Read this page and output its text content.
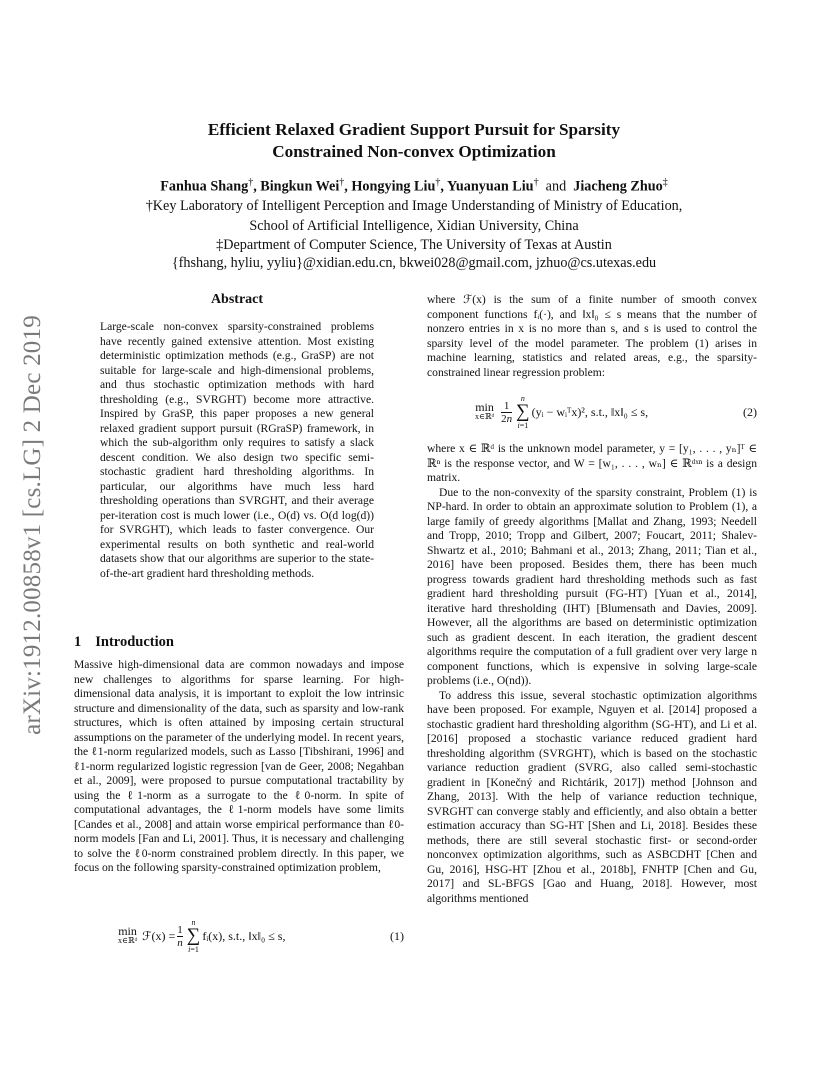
arXiv:1912.00858v1 [cs.LG] 2 Dec 2019
Efficient Relaxed Gradient Support Pursuit for Sparsity
Constrained Non-convex Optimization
Fanhua Shang†, Bingkun Wei†, Hongying Liu†, Yuanyuan Liu† and Jiacheng Zhuo‡
†Key Laboratory of Intelligent Perception and Image Understanding of Ministry of Education,
School of Artificial Intelligence, Xidian University, China
‡Department of Computer Science, The University of Texas at Austin
{fhshang, hyliu, yyliu}@xidian.edu.cn, bkwei028@gmail.com, jzhuo@cs.utexas.edu
Abstract

Large-scale non-convex sparsity-constrained problems have recently gained extensive attention. Most existing deterministic optimization methods (e.g., GraSP) are not suitable for large-scale and high-dimensional problems, and thus stochastic optimization methods with hard thresholding (e.g., SVRGHT) become more attractive. Inspired by GraSP, this paper proposes a new general relaxed gradient support pursuit (RGraSP) framework, in which the sub-algorithm only requires to satisfy a slack descent condition. We also design two specific semi-stochastic gradient hard thresholding algorithms. In particular, our algorithms have much less hard thresholding operations than SVRGHT, and their average per-iteration cost is much lower (i.e., O(d) vs. O(d log(d)) for SVRGHT), which leads to faster convergence. Our experimental results on both synthetic and real-world datasets show that our algorithms are superior to the state-of-the-art gradient hard thresholding methods.

1 Introduction

Massive high-dimensional data are common nowadays and impose new challenges to algorithms for sparse learning. For high-dimensional data analysis, it is important to exploit the low intrinsic structure and dimensionality of the data, such as sparsity and low-rank structures, which is often attained by imposing certain structural assumptions on the parameter of the underlying model. In recent years, the ℓ1-norm regularized models, such as Lasso [Tibshirani, 1996] and ℓ1-norm regularized logistic regression [van de Geer, 2008; Negahban et al., 2009], were proposed to pursue computational tractability by using the ℓ1-norm as a surrogate to the ℓ0-norm. In spite of computational advantages, the ℓ1-norm models have some limits [Candes et al., 2008] and attain worse empirical performance than ℓ0-norm models [Fan and Li, 2001]. Thus, it is necessary and challenging to solve the ℓ0-norm constrained problem directly. In this paper, we focus on the following sparsity-constrained optimization problem,

min
x∈ℝᵈ ℱ(x) = $\frac{1}{n}$
n
∑
i=1
fᵢ(x), s.t., ‖x‖₀ ≤ s,	(1)

where ℱ(x) is the sum of a finite number of smooth convex component functions fᵢ(·), and ‖x‖₀ ≤ s means that the number of nonzero entries in x is no more than s, and s is used to control the sparsity level of the model parameter. The problem (1) arises in machine learning, statistics and related areas, e.g., the sparsity-constrained linear regression problem:

min
x∈ℝᵈ $\frac{1}{2n}$
n
∑
i=1
(yᵢ − wᵢᵀx)², s.t., ‖x‖₀ ≤ s,	(2)

where x ∈ ℝᵈ is the unknown model parameter, y = [y₁, . . . , yₙ]ᵀ ∈ ℝⁿ is the response vector, and W = [w₁, . . . , wₙ] ∈ ℝᵈˣⁿ is a design matrix.

Due to the non-convexity of the sparsity constraint, Problem (1) is NP-hard. In order to obtain an approximate solution to Problem (1), a large family of greedy algorithms [Mallat and Zhang, 1993; Needell and Tropp, 2010; Tropp and Gilbert, 2007; Foucart, 2011; Shalev-Shwartz et al., 2010; Bahmani et al., 2013; Zhang, 2011; Tian et al., 2016] have been proposed. Besides them, there has been much progress towards gradient hard thresholding methods such as fast gradient hard thresholding pursuit (FG-HT) [Yuan et al., 2014], iterative hard thresholding (IHT) [Blumensath and Davies, 2009]. However, all the algorithms are based on deterministic optimization such as gradient descent. In each iteration, the gradient descent algorithms require the computation of a full gradient over very large n component functions, which is expensive in solving large-scale problems (i.e., O(nd)).

To address this issue, several stochastic optimization algorithms have been proposed. For example, Nguyen et al. [2014] proposed a stochastic gradient hard thresholding algorithm (SG-HT), and Li et al. [2016] proposed a stochastic variance reduced gradient hard thresholding algorithm (SVRGHT), which is based on the stochastic variance reduction gradient (SVRG, also called semi-stochastic gradient in [Konečný and Richtárik, 2017]) method [Johnson and Zhang, 2013]. With the help of variance reduction technique, SVRGHT can converge stably and efficiently, and also obtain a better estimation accuracy than SG-HT [Shen and Li, 2018]. Besides these methods, there are still several stochastic first- or second-order nonconvex optimization algorithms, such as ASBCDHT [Chen and Gu, 2016], HSG-HT [Zhou et al., 2018b], FNHTP [Chen and Gu, 2017] and SL-BFGS [Gao and Huang, 2018]. However, most algorithms mentioned
